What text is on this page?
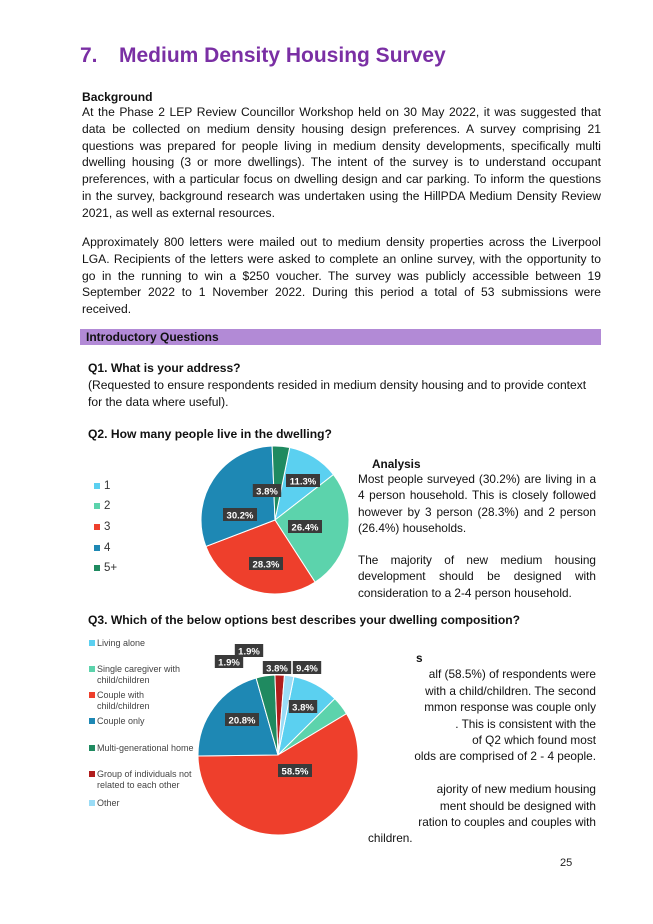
7. Medium Density Housing Survey
Background
At the Phase 2 LEP Review Councillor Workshop held on 30 May 2022, it was suggested that data be collected on medium density housing design preferences. A survey comprising 21 questions was prepared for people living in medium density developments, specifically multi dwelling housing (3 or more dwellings). The intent of the survey is to understand occupant preferences, with a particular focus on dwelling design and car parking. To inform the questions in the survey, background research was undertaken using the HillPDA Medium Density Review 2021, as well as external resources.
Approximately 800 letters were mailed out to medium density properties across the Liverpool LGA. Recipients of the letters were asked to complete an online survey, with the opportunity to go in the running to win a $250 voucher. The survey was publicly accessible between 19 September 2022 to 1 November 2022. During this period a total of 53 submissions were received.
Introductory Questions
Q1. What is your address?
(Requested to ensure respondents resided in medium density housing and to provide context for the data where useful).
Q2. How many people live in the dwelling?
1
2
3
4
5+
11.3%
26.4%
28.3%
30.2%
3.8%
Analysis
Most people surveyed (30.2%) are living in a 4 person household. This is closely followed however by 3 person (28.3%) and 2 person (26.4%) households.
The majority of new medium housing development should be designed with consideration to a 2-4 person household.
Q3. Which of the below options best describes your dwelling composition?
Living alone
Single caregiver with child/children
Couple with child/children
Couple only
Multi-generational home
Group of individuals not related to each other
Other
9.4%
3.8%
58.5%
20.8%
3.8%
1.9%
1.9%	s
alf (58.5%) of respondents were
with a child/children. The second
mmon response was couple only
. This is consistent with the
of Q2 which found most
olds are comprised of 2 - 4 people.
ajority of new medium housing
ment should be designed with
ration to couples and couples with
children.
25
